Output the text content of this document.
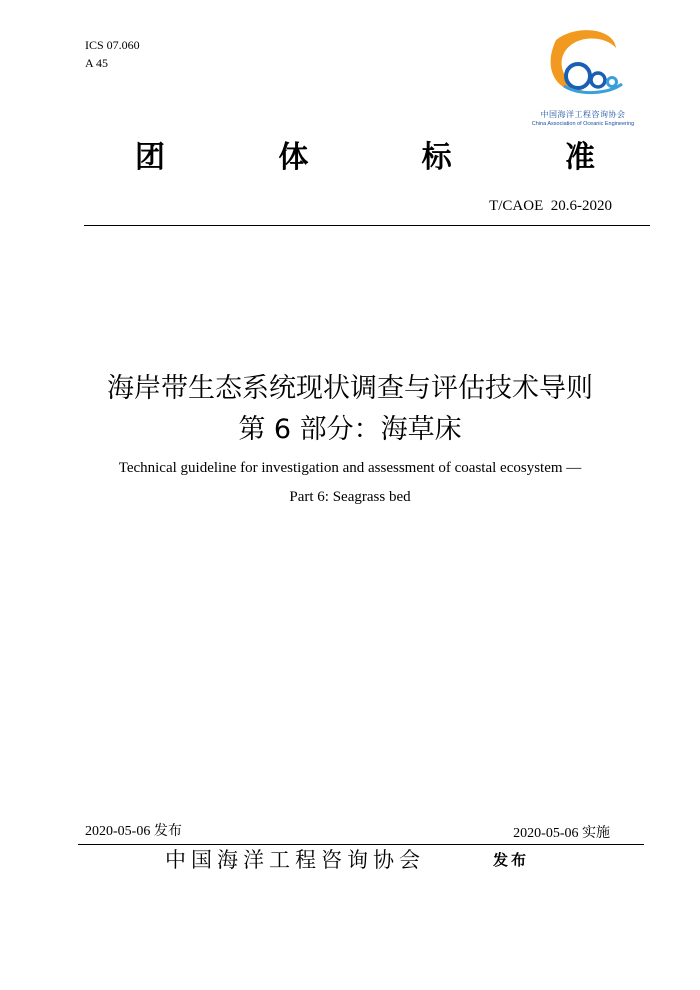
ICS 07.060
A 45
中国海洋工程咨询协会
China Association of Oceanic Engineering
团	体	标	准
T/CAOE  20.6-2020
海岸带生态系统现状调查与评估技术导则
第 6 部分：海草床
Technical guideline for investigation and assessment of coastal ecosystem —
Part 6: Seagrass bed
2020-05-06 发布	2020-05-06 实施
中国海洋工程咨询协会	发布
